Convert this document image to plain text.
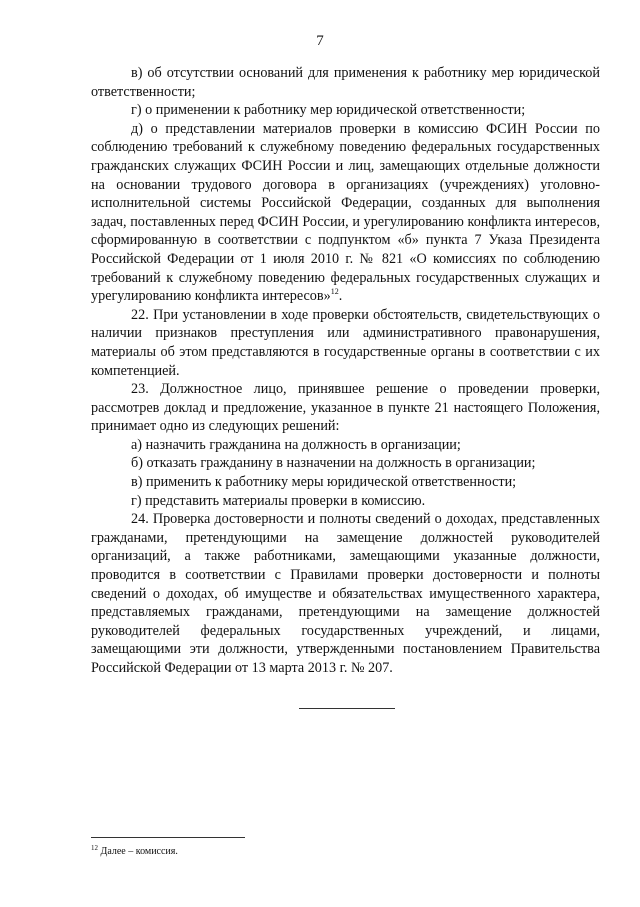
7

в) об отсутствии оснований для применения к работнику мер юридической ответственности;

г) о применении к работнику мер юридической ответственности;

д) о представлении материалов проверки в комиссию ФСИН России по соблюдению требований к служебному поведению федеральных государственных гражданских служащих ФСИН России и лиц, замещающих отдельные должности на основании трудового договора в организациях (учреждениях) уголовно-исполнительной системы Российской Федерации, созданных для выполнения задач, поставленных перед ФСИН России, и урегулированию конфликта интересов, сформированную в соответствии с подпунктом «б» пункта 7 Указа Президента Российской Федерации от 1 июля 2010 г. № 821 «О комиссиях по соблюдению требований к служебному поведению федеральных государственных служащих и урегулированию конфликта интересов»$^{12}$.

22. При установлении в ходе проверки обстоятельств, свидетельствующих о наличии признаков преступления или административного правонарушения, материалы об этом представляются в государственные органы в соответствии с их компетенцией.

23. Должностное лицо, принявшее решение о проведении проверки, рассмотрев доклад и предложение, указанное в пункте 21 настоящего Положения, принимает одно из следующих решений:

а) назначить гражданина на должность в организации;

б) отказать гражданину в назначении на должность в организации;

в) применить к работнику меры юридической ответственности;

г) представить материалы проверки в комиссию.

24. Проверка достоверности и полноты сведений о доходах, представленных гражданами, претендующими на замещение должностей руководителей организаций, а также работниками, замещающими указанные должности, проводится в соответствии с Правилами проверки достоверности и полноты сведений о доходах, об имуществе и обязательствах имущественного характера, представляемых гражданами, претендующими на замещение должностей руководителей федеральных государственных учреждений, и лицами, замещающими эти должности, утвержденными постановлением Правительства Российской Федерации от 13 марта 2013 г. № 207.

$^{12}$ Далее – комиссия.
